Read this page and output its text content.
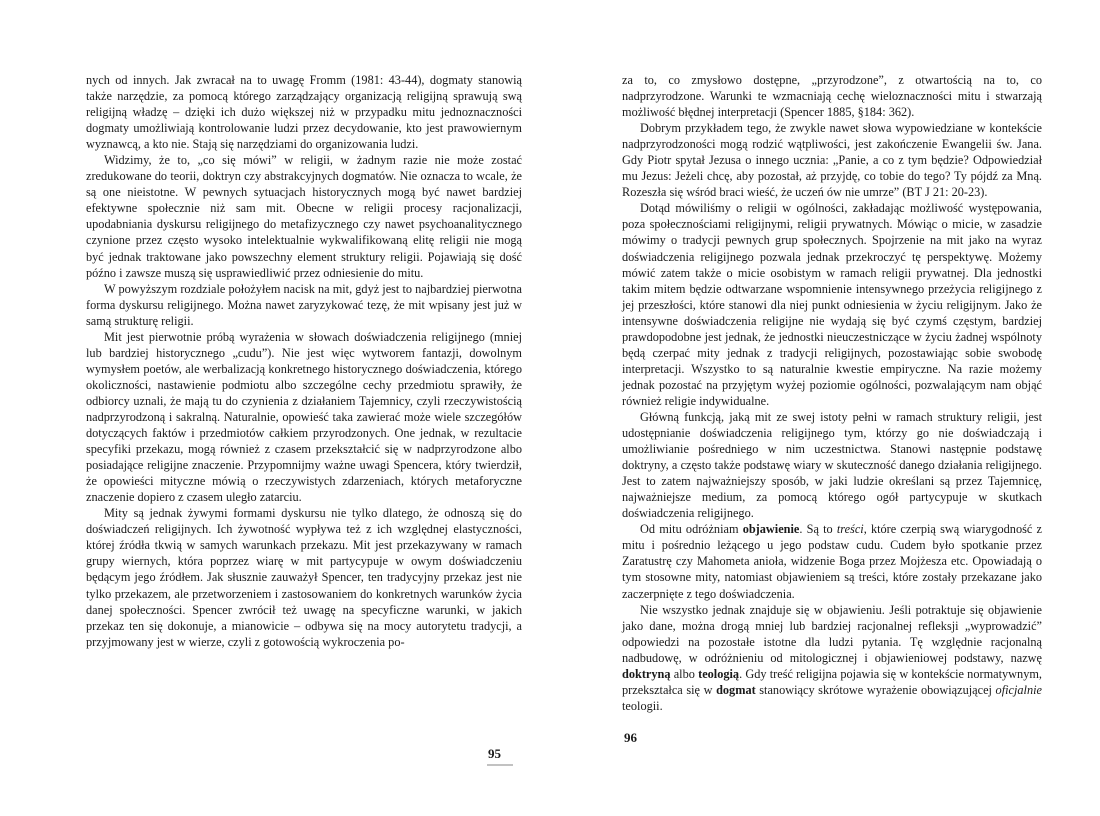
nych od innych. Jak zwracał na to uwagę Fromm (1981: 43-44), dogmaty stanowią także narzędzie, za pomocą którego zarządzający organizacją religijną sprawują swą religijną władzę – dzięki ich dużo większej niż w przypadku mitu jednoznaczności dogmaty umożliwiają kontrolowanie ludzi przez decydowanie, kto jest prawowiernym wyznawcą, a kto nie. Stają się narzędziami do organizowania ludzi.

Widzimy, że to, „co się mówi” w religii, w żadnym razie nie może zostać zredukowane do teorii, doktryn czy abstrakcyjnych dogmatów. Nie oznacza to wcale, że są one nieistotne. W pewnych sytuacjach historycznych mogą być nawet bardziej efektywne społecznie niż sam mit. Obecne w religii procesy racjonalizacji, upodabniania dyskursu religijnego do metafizycznego czy nawet psychoanalitycznego czynione przez często wysoko intelektualnie wykwalifikowaną elitę religii nie mogą być jednak traktowane jako powszechny element struktury religii. Pojawiają się dość późno i zawsze muszą się usprawiedliwić przez odniesienie do mitu.

W powyższym rozdziale położyłem nacisk na mit, gdyż jest to najbardziej pierwotna forma dyskursu religijnego. Można nawet zaryzykować tezę, że mit wpisany jest już w samą strukturę religii.

Mit jest pierwotnie próbą wyrażenia w słowach doświadczenia religijnego (mniej lub bardziej historycznego „cudu”). Nie jest więc wytworem fantazji, dowolnym wymysłem poetów, ale werbalizacją konkretnego historycznego doświadczenia, którego okoliczności, nastawienie podmiotu albo szczególne cechy przedmiotu sprawiły, że odbiorcy uznali, że mają tu do czynienia z działaniem Tajemnicy, czyli rzeczywistością nadprzyrodzoną i sakralną. Naturalnie, opowieść taka zawierać może wiele szczegółów dotyczących faktów i przedmiotów całkiem przyrodzonych. One jednak, w rezultacie specyfiki przekazu, mogą również z czasem przekształcić się w nadprzyrodzone albo posiadające religijne znaczenie. Przypomnijmy ważne uwagi Spencera, który twierdził, że opowieści mityczne mówią o rzeczywistych zdarzeniach, których metaforyczne znaczenie dopiero z czasem uległo zatarciu.

Mity są jednak żywymi formami dyskursu nie tylko dlatego, że odnoszą się do doświadczeń religijnych. Ich żywotność wypływa też z ich względnej elastyczności, której źródła tkwią w samych warunkach przekazu. Mit jest przekazywany w ramach grupy wiernych, która poprzez wiarę w mit partycypuje w owym doświadczeniu będącym jego źródłem. Jak słusznie zauważył Spencer, ten tradycyjny przekaz jest nie tylko przekazem, ale przetworzeniem i zastosowaniem do konkretnych warunków życia danej społeczności. Spencer zwrócił też uwagę na specyficzne warunki, w jakich przekaz ten się dokonuje, a mianowicie – odbywa się na mocy autorytetu tradycji, a przyjmowany jest w wierze, czyli z gotowością wykroczenia po-

95

za to, co zmysłowo dostępne, „przyrodzone”, z otwartością na to, co nadprzyrodzone. Warunki te wzmacniają cechę wieloznaczności mitu i stwarzają możliwość błędnej interpretacji (Spencer 1885, §184: 362).

Dobrym przykładem tego, że zwykle nawet słowa wypowiedziane w kontekście nadprzyrodzoności mogą rodzić wątpliwości, jest zakończenie Ewangelii św. Jana. Gdy Piotr spytał Jezusa o innego ucznia: „Panie, a co z tym będzie? Odpowiedział mu Jezus: Jeżeli chcę, aby pozostał, aż przyjdę, co tobie do tego? Ty pójdź za Mną. Rozeszła się wśród braci wieść, że uczeń ów nie umrze” (BT J 21: 20-23).

Dotąd mówiliśmy o religii w ogólności, zakładając możliwość występowania, poza społecznościami religijnymi, religii prywatnych. Mówiąc o micie, w zasadzie mówimy o tradycji pewnych grup społecznych. Spojrzenie na mit jako na wyraz doświadczenia religijnego pozwala jednak przekroczyć tę perspektywę. Możemy mówić zatem także o micie osobistym w ramach religii prywatnej. Dla jednostki takim mitem będzie odtwarzane wspomnienie intensywnego przeżycia religijnego z jej przeszłości, które stanowi dla niej punkt odniesienia w życiu religijnym. Jako że intensywne doświadczenia religijne nie wydają się być czymś częstym, bardziej prawdopodobne jest jednak, że jednostki nieuczestniczące w życiu żadnej wspólnoty będą czerpać mity jednak z tradycji religijnych, pozostawiając sobie swobodę interpretacji. Wszystko to są naturalnie kwestie empiryczne. Na razie możemy jednak pozostać na przyjętym wyżej poziomie ogólności, pozwalającym nam objąć również religie indywidualne.

Główną funkcją, jaką mit ze swej istoty pełni w ramach struktury religii, jest udostępnianie doświadczenia religijnego tym, którzy go nie doświadczają i umożliwianie pośredniego w nim uczestnictwa. Stanowi następnie podstawę doktryny, a często także podstawę wiary w skuteczność danego działania religijnego. Jest to zatem najważniejszy sposób, w jaki ludzie określani są przez Tajemnicę, najważniejsze medium, za pomocą którego ogół partycypuje w skutkach doświadczenia religijnego.

Od mitu odróżniam objawienie. Są to treści, które czerpią swą wiarygodność z mitu i pośrednio leżącego u jego podstaw cudu. Cudem było spotkanie przez Zaratustrę czy Mahometa anioła, widzenie Boga przez Mojżesza etc. Opowiadają o tym stosowne mity, natomiast objawieniem są treści, które zostały przekazane jako zaczerpnięte z tego doświadczenia.

Nie wszystko jednak znajduje się w objawieniu. Jeśli potraktuje się objawienie jako dane, można drogą mniej lub bardziej racjonalnej refleksji „wyprowadzić” odpowiedzi na pozostałe istotne dla ludzi pytania. Tę względnie racjonalną nadbudowę, w odróżnieniu od mitologicznej i objawieniowej podstawy, nazwę doktryną albo teologią. Gdy treść religijna pojawia się w kontekście normatywnym, przekształca się w dogmat stanowiący skrótowe wyrażenie obowiązującej oficjalnie teologii.

96
